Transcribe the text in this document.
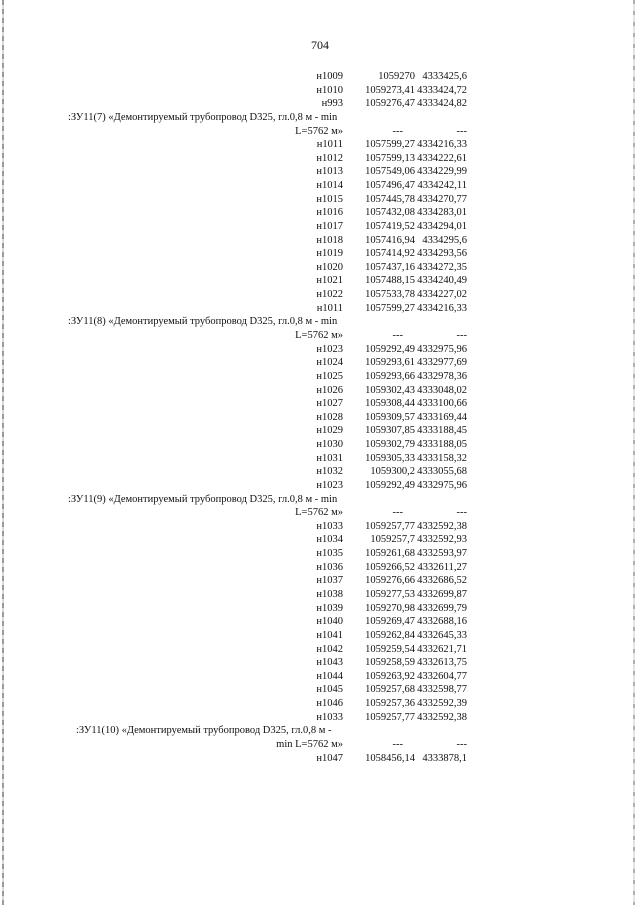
704
н1009	1059270 4333425,6
н1010 1059273,41 4333424,72
н993 1059276,47 4333424,82
:ЗУ11(7) «Демонтируемый трубопровод D325, гл.0,8 м - min
L=5762 м»	---	---
н1011 1057599,27 4334216,33
н1012 1057599,13 4334222,61
н1013 1057549,06 4334229,99
н1014 1057496,47 4334242,11
н1015 1057445,78 4334270,77
н1016 1057432,08 4334283,01
н1017 1057419,52 4334294,01
н1018 1057416,94 4334295,6
н1019 1057414,92 4334293,56
н1020 1057437,16 4334272,35
н1021 1057488,15 4334240,49
н1022 1057533,78 4334227,02
н1011 1057599,27 4334216,33
:ЗУ11(8) «Демонтируемый трубопровод D325, гл.0,8 м - min
L=5762 м»	---	---
н1023 1059292,49 4332975,96
н1024 1059293,61 4332977,69
н1025 1059293,66 4332978,36
н1026 1059302,43 4333048,02
н1027 1059308,44 4333100,66
н1028 1059309,57 4333169,44
н1029 1059307,85 4333188,45
н1030 1059302,79 4333188,05
н1031 1059305,33 4333158,32
н1032	1059300,2 4333055,68
н1023 1059292,49 4332975,96
:ЗУ11(9) «Демонтируемый трубопровод D325, гл.0,8 м - min
L=5762 м»	---	---
н1033 1059257,77 4332592,38
н1034	1059257,7 4332592,93
н1035 1059261,68 4332593,97
н1036 1059266,52 4332611,27
н1037 1059276,66 4332686,52
н1038 1059277,53 4332699,87
н1039 1059270,98 4332699,79
н1040 1059269,47 4332688,16
н1041 1059262,84 4332645,33
н1042 1059259,54 4332621,71
н1043 1059258,59 4332613,75
н1044 1059263,92 4332604,77
н1045 1059257,68 4332598,77
н1046 1059257,36 4332592,39
н1033 1059257,77 4332592,38
:ЗУ11(10) «Демонтируемый трубопровод D325, гл.0,8 м -
min L=5762 м»	---	---
н1047 1058456,14 4333878,1
